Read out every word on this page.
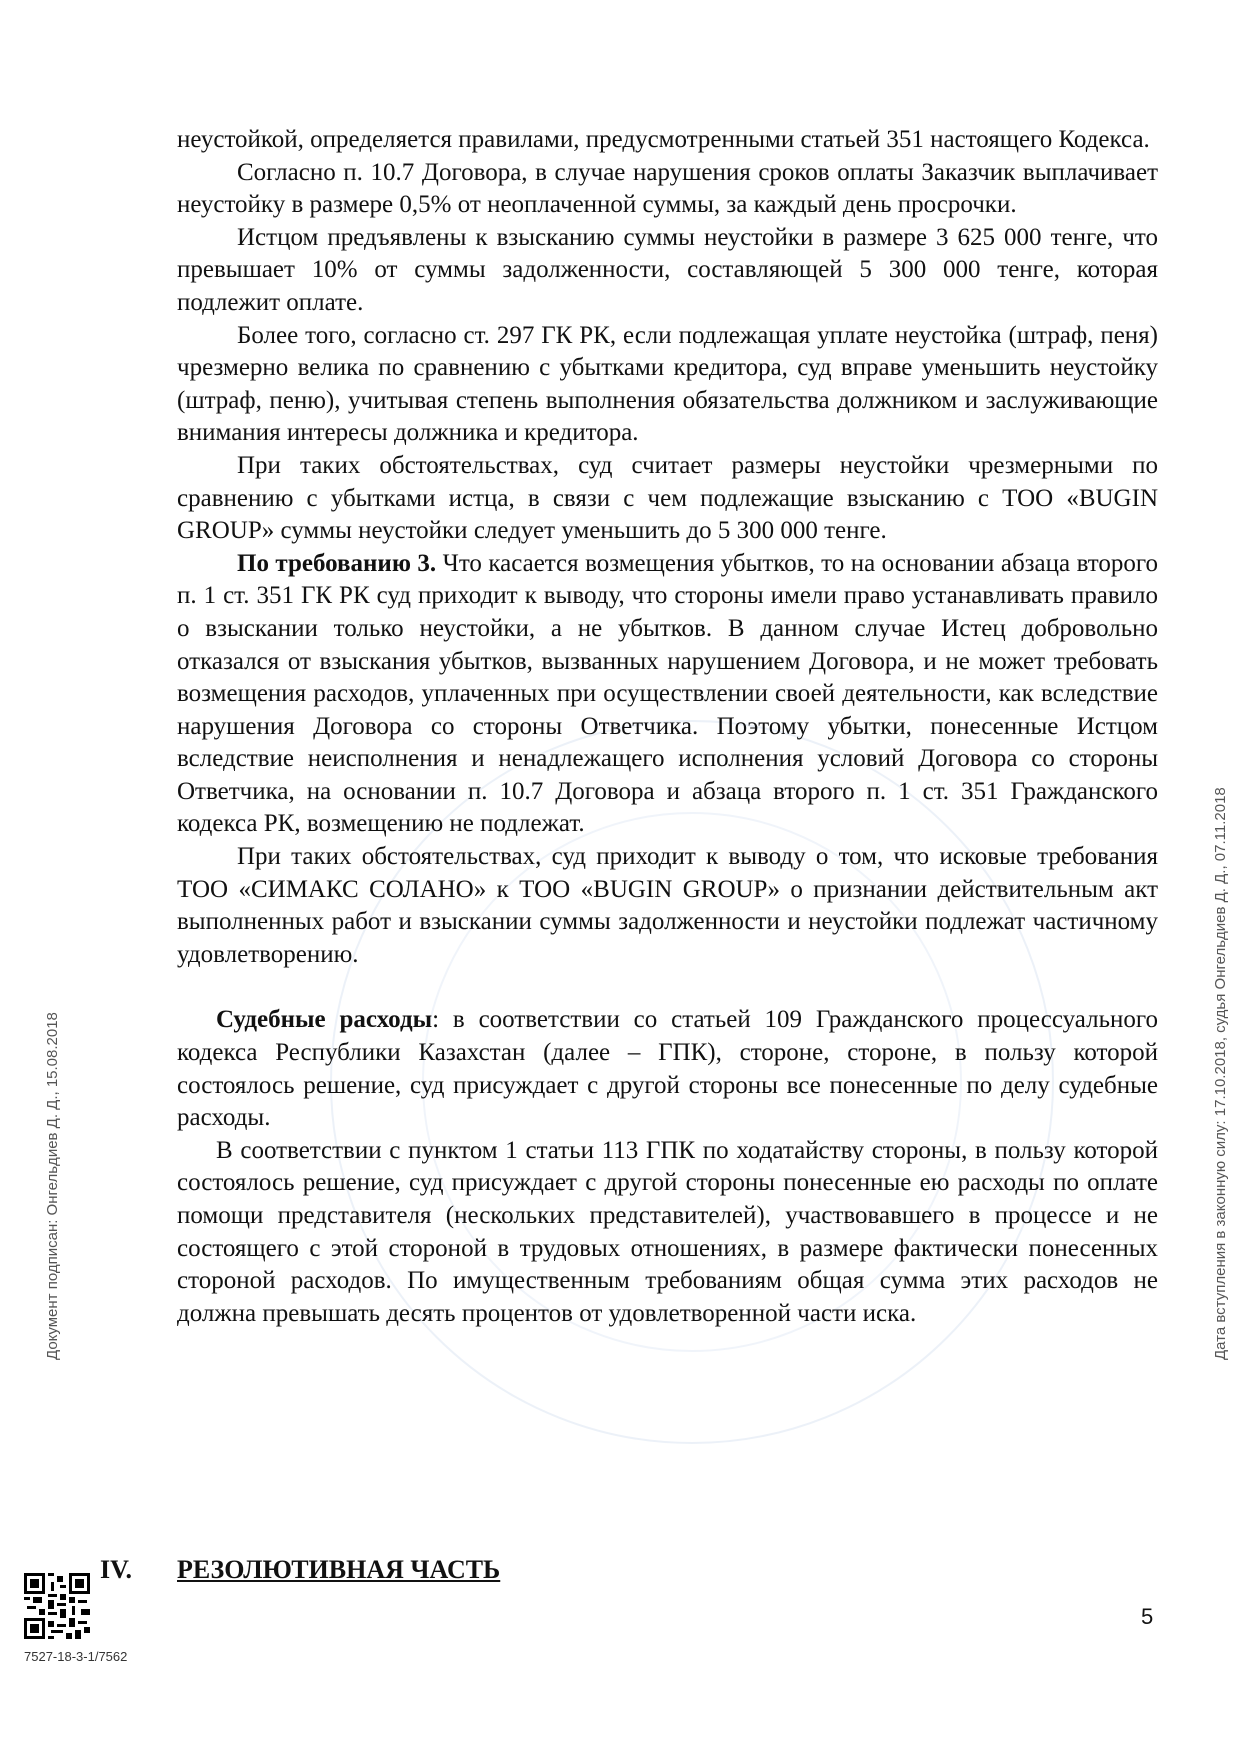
Документ подписан: Онгельдиев Д. Д., 15.08.2018	Дата вступления в законную силу: 17.10.2018, судья Онгельдиев Д. Д., 07.11.2018

неустойкой, определяется правилами, предусмотренными статьей 351 настоящего Кодекса.

Согласно п. 10.7 Договора, в случае нарушения сроков оплаты Заказчик выплачивает неустойку в размере 0,5% от неоплаченной суммы, за каждый день просрочки.

Истцом предъявлены к взысканию суммы неустойки в размере 3 625 000 тенге, что превышает 10% от суммы задолженности, составляющей 5 300 000 тенге, которая подлежит оплате.

Более того, согласно ст. 297 ГК РК, если подлежащая уплате неустойка (штраф, пеня) чрезмерно велика по сравнению с убытками кредитора, суд вправе уменьшить неустойку (штраф, пеню), учитывая степень выполнения обязательства должником и заслуживающие внимания интересы должника и кредитора.

При таких обстоятельствах, суд считает размеры неустойки чрезмерными по сравнению с убытками истца, в связи с чем подлежащие взысканию с ТОО «BUGIN GROUP» суммы неустойки следует уменьшить до 5 300 000 тенге.

По требованию 3. Что касается возмещения убытков, то на основании абзаца второго п. 1 ст. 351 ГК РК суд приходит к выводу, что стороны имели право устанавливать правило о взыскании только неустойки, а не убытков. В данном случае Истец добровольно отказался от взыскания убытков, вызванных нарушением Договора, и не может требовать возмещения расходов, уплаченных при осуществлении своей деятельности, как вследствие нарушения Договора со стороны Ответчика. Поэтому убытки, понесенные Истцом вследствие неисполнения и ненадлежащего исполнения условий Договора со стороны Ответчика, на основании п. 10.7 Договора и абзаца второго п. 1 ст. 351 Гражданского кодекса РК, возмещению не подлежат.

При таких обстоятельствах, суд приходит к выводу о том, что исковые требования ТОО «СИМАКС СОЛАНО» к ТОО «BUGIN GROUP» о признании действительным акт выполненных работ и взыскании суммы задолженности и неустойки подлежат частичному удовлетворению.

Судебные расходы: в соответствии со статьей 109 Гражданского процессуального кодекса Республики Казахстан (далее – ГПК), стороне, стороне, в пользу которой состоялось решение, суд присуждает с другой стороны все понесенные по делу судебные расходы.

В соответствии с пунктом 1 статьи 113 ГПК по ходатайству стороны, в пользу которой состоялось решение, суд присуждает с другой стороны понесенные ею расходы по оплате помощи представителя (нескольких представителей), участвовавшего в процессе и не состоящего с этой стороной в трудовых отношениях, в размере фактически понесенных стороной расходов. По имущественным требованиям общая сумма этих расходов не должна превышать десять процентов от удовлетворенной части иска.

IV. РЕЗОЛЮТИВНАЯ ЧАСТЬ
7527-18-3-1/7562
5
